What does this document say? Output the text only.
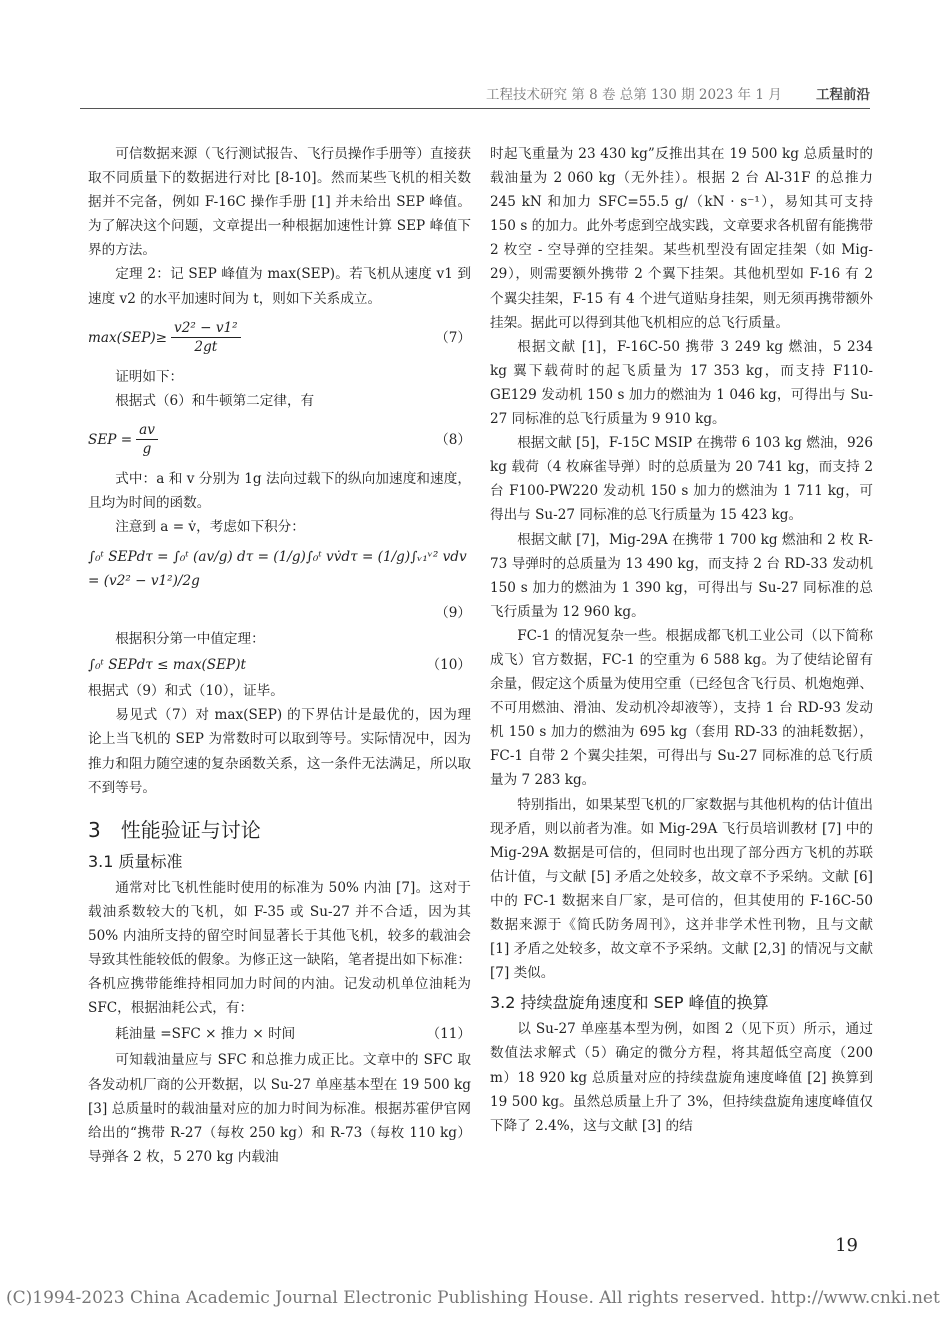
工程技术研究 第 8 卷 总第 130 期 2023 年 1 月	工程前沿

可信数据来源（飞行测试报告、飞行员操作手册等）直接获取不同质量下的数据进行对比 [8-10]。然而某些飞机的相关数据并不完备，例如 F-16C 操作手册 [1] 并未给出 SEP 峰值。为了解决这个问题，文章提出一种根据加速性计算 SEP 峰值下界的方法。

定理 2：记 SEP 峰值为 max(SEP)。若飞机从速度 v1 到速度 v2 的水平加速时间为 t，则如下关系成立。

$\max(SEP)\ge \frac{\text{v2² − v1²}}{2gt}$	（7）

证明如下：

根据式（6）和牛顿第二定律，有

SEP = $\frac{av}{g}$	（8）

式中：a 和 v 分别为 1g 法向过载下的纵向加速度和速度，且均为时间的函数。

注意到 a = v̇，考虑如下积分：

∫₀ᵗ SEPdτ = ∫₀ᵗ (av/g) dτ = (1/g)∫₀ᵗ vv̇dτ = (1/g)∫ᵥ₁ᵛ² vdv = (v2² − v1²)/2g
（9）

根据积分第一中值定理：

∫₀ᵗ SEPdτ ≤ max(SEP)t	（10）

根据式（9）和式（10），证毕。

易见式（7）对 max(SEP) 的下界估计是最优的，因为理论上当飞机的 SEP 为常数时可以取到等号。实际情况中，因为推力和阻力随空速的复杂函数关系，这一条件无法满足，所以取不到等号。

3　性能验证与讨论
3.1 质量标准

通常对比飞机性能时使用的标准为 50% 内油 [7]。这对于载油系数较大的飞机，如 F-35 或 Su-27 并不合适，因为其 50% 内油所支持的留空时间显著长于其他飞机，较多的载油会导致其性能较低的假象。为修正这一缺陷，笔者提出如下标准：各机应携带能维持相同加力时间的内油。记发动机单位油耗为 SFC，根据油耗公式，有：

耗油量 =SFC × 推力 × 时间	（11）

可知载油量应与 SFC 和总推力成正比。文章中的 SFC 取各发动机厂商的公开数据，以 Su-27 单座基本型在 19 500 kg [3] 总质量时的载油量对应的加力时间为标准。根据苏霍伊官网给出的“携带 R-27（每枚 250 kg）和 R-73（每枚 110 kg）导弹各 2 枚，5 270 kg 内载油

时起飞重量为 23 430 kg”反推出其在 19 500 kg 总质量时的载油量为 2 060 kg（无外挂）。根据 2 台 Al-31F 的总推力 245 kN 和加力 SFC=55.5 g/（kN · s⁻¹），易知其可支持 150 s 的加力。此外考虑到空战实践，文章要求各机留有能携带 2 枚空 - 空导弹的空挂架。某些机型没有固定挂架（如 Mig-29），则需要额外携带 2 个翼下挂架。其他机型如 F-16 有 2 个翼尖挂架，F-15 有 4 个进气道贴身挂架，则无须再携带额外挂架。据此可以得到其他飞机相应的总飞行质量。

根据文献 [1]，F-16C-50 携带 3 249 kg 燃油，5 234 kg 翼下载荷时的起飞质量为 17 353 kg，而支持 F110-GE129 发动机 150 s 加力的燃油为 1 046 kg，可得出与 Su-27 同标准的总飞行质量为 9 910 kg。

根据文献 [5]，F-15C MSIP 在携带 6 103 kg 燃油，926 kg 载荷（4 枚麻雀导弹）时的总质量为 20 741 kg，而支持 2 台 F100-PW220 发动机 150 s 加力的燃油为 1 711 kg，可得出与 Su-27 同标准的总飞行质量为 15 423 kg。

根据文献 [7]，Mig-29A 在携带 1 700 kg 燃油和 2 枚 R-73 导弹时的总质量为 13 490 kg，而支持 2 台 RD-33 发动机 150 s 加力的燃油为 1 390 kg，可得出与 Su-27 同标准的总飞行质量为 12 960 kg。

FC-1 的情况复杂一些。根据成都飞机工业公司（以下简称成飞）官方数据，FC-1 的空重为 6 588 kg。为了使结论留有余量，假定这个质量为使用空重（已经包含飞行员、机炮炮弹、不可用燃油、滑油、发动机冷却液等），支持 1 台 RD-93 发动机 150 s 加力的燃油为 695 kg（套用 RD-33 的油耗数据），FC-1 自带 2 个翼尖挂架，可得出与 Su-27 同标准的总飞行质量为 7 283 kg。

特别指出，如果某型飞机的厂家数据与其他机构的估计值出现矛盾，则以前者为准。如 Mig-29A 飞行员培训教材 [7] 中的 Mig-29A 数据是可信的，但同时也出现了部分西方飞机的苏联估计值，与文献 [5] 矛盾之处较多，故文章不予采纳。文献 [6] 中的 FC-1 数据来自厂家，是可信的，但其使用的 F-16C-50 数据来源于《简氏防务周刊》，这并非学术性刊物，且与文献 [1] 矛盾之处较多，故文章不予采纳。文献 [2,3] 的情况与文献 [7] 类似。

3.2 持续盘旋角速度和 SEP 峰值的换算

以 Su-27 单座基本型为例，如图 2（见下页）所示，通过数值法求解式（5）确定的微分方程，将其超低空高度（200 m）18 920 kg 总质量对应的持续盘旋角速度峰值 [2] 换算到 19 500 kg。虽然总质量上升了 3%，但持续盘旋角速度峰值仅下降了 2.4%，这与文献 [3] 的结

19
(C)1994-2023 China Academic Journal Electronic Publishing House. All rights reserved. http://www.cnki.net
